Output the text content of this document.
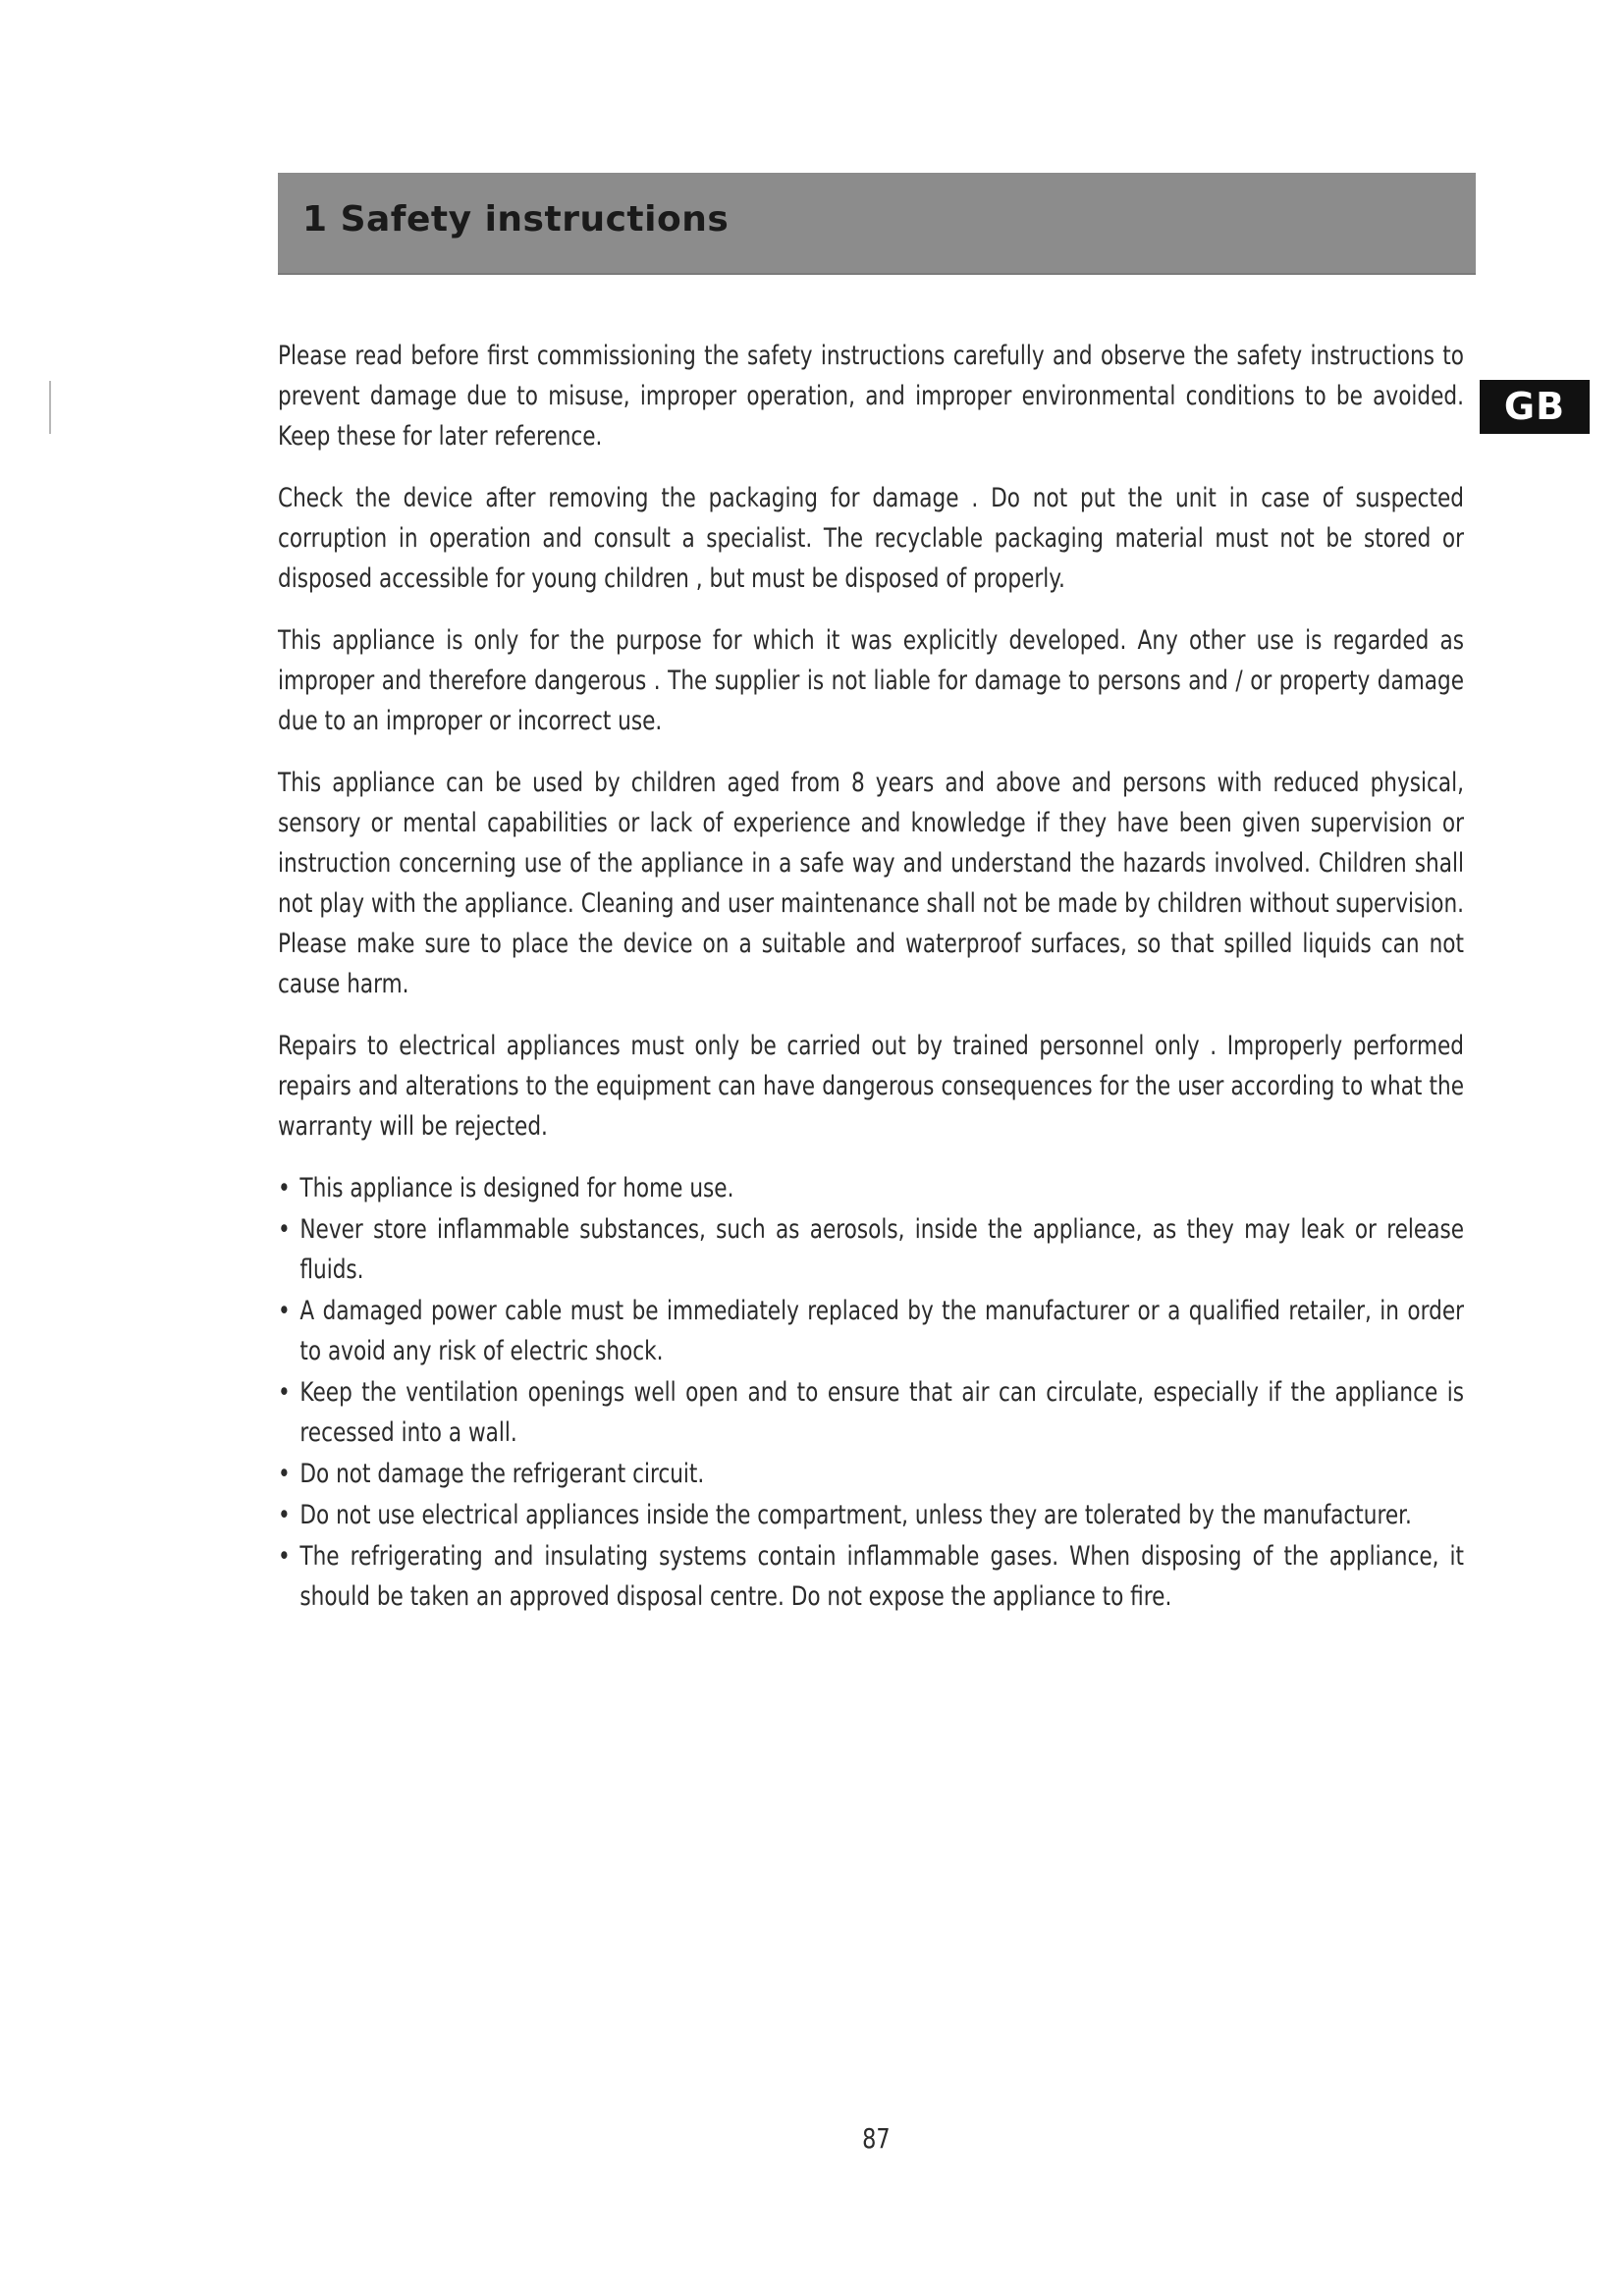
1 Safety instructions
GB

Please read before first commissioning the safety instructions carefully and observe the safety instructions to prevent damage due to misuse, improper operation, and improper environmental conditions to be avoided. Keep these for later reference.

Check the device after removing the packaging for damage . Do not put the unit in case of suspected corruption in operation and consult a specialist. The recyclable packaging material must not be stored or disposed accessible for young children , but must be disposed of properly.

This appliance is only for the purpose for which it was explicitly developed. Any other use is regarded as improper and therefore dangerous . The supplier is not liable for damage to persons and / or property damage due to an improper or incorrect use.

This appliance can be used by children aged from 8 years and above and persons with reduced physical, sensory or mental capabilities or lack of experience and knowledge if they have been given supervision or instruction concerning use of the appliance in a safe way and understand the hazards involved. Children shall not play with the appliance. Cleaning and user maintenance shall not be made by children without supervision. Please make sure to place the device on a suitable and waterproof surfaces, so that spilled liquids can not cause harm.

Repairs to electrical appliances must only be carried out by trained personnel only . Improperly performed repairs and alterations to the equipment can have dangerous consequences for the user according to what the warranty will be rejected.

• This appliance is designed for home use.
• Never store inflammable substances, such as aerosols, inside the appliance, as they may leak or release fluids.
• A damaged power cable must be immediately replaced by the manufacturer or a qualified retailer, in order to avoid any risk of electric shock.
• Keep the ventilation openings well open and to ensure that air can circulate, especially if the appliance is recessed into a wall.
• Do not damage the refrigerant circuit.
• Do not use electrical appliances inside the compartment, unless they are tolerated by the manufacturer.
• The refrigerating and insulating systems contain inflammable gases. When disposing of the appliance, it should be taken an approved disposal centre. Do not expose the appliance to fire.
87
